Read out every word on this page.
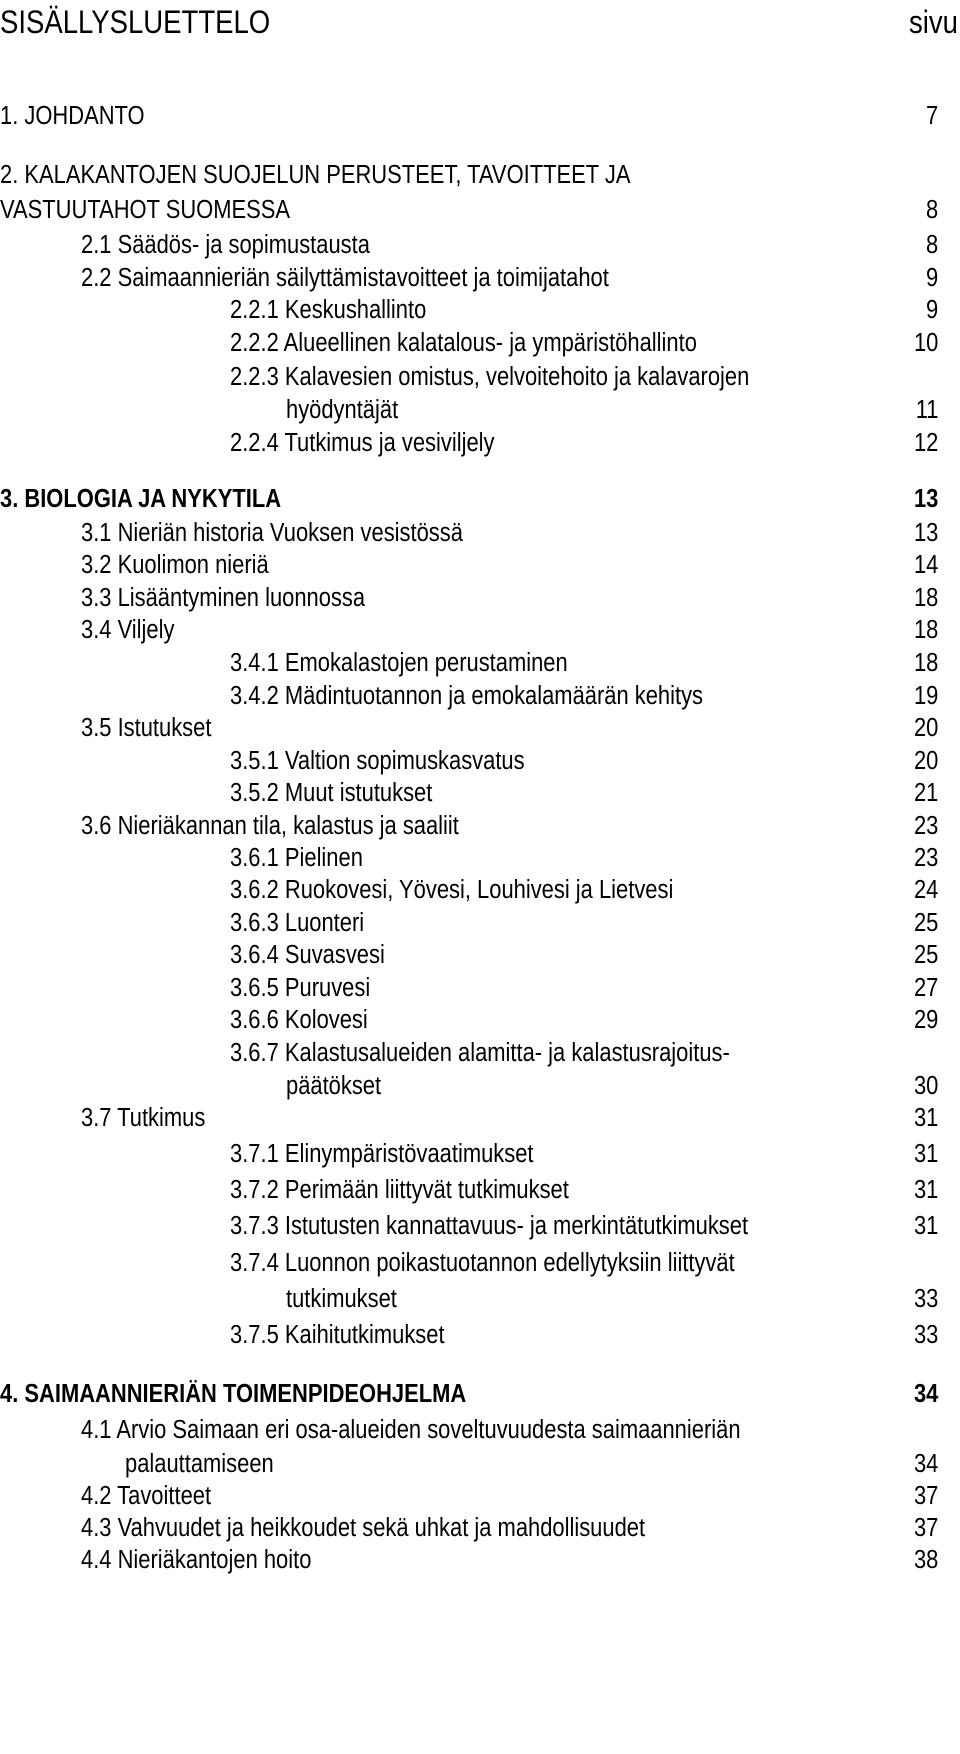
SISÄLLYSLUETTELO	sivu
1. JOHDANTO	7
2. KALAKANTOJEN SUOJELUN PERUSTEET, TAVOITTEET JA
VASTUUTAHOT SUOMESSA	8
2.1 Säädös- ja sopimustausta	8
2.2 Saimaannieriän säilyttämistavoitteet ja toimijatahot	9
2.2.1 Keskushallinto	9
2.2.2 Alueellinen kalatalous- ja ympäristöhallinto	10
2.2.3 Kalavesien omistus, velvoitehoito ja kalavarojen
hyödyntäjät	11
2.2.4 Tutkimus ja vesiviljely	12
3. BIOLOGIA JA NYKYTILA	13
3.1 Nieriän historia Vuoksen vesistössä	13
3.2 Kuolimon nieriä	14
3.3 Lisääntyminen luonnossa	18
3.4 Viljely	18
3.4.1 Emokalastojen perustaminen	18
3.4.2 Mädintuotannon ja emokalamäärän kehitys	19
3.5 Istutukset	20
3.5.1 Valtion sopimuskasvatus	20
3.5.2 Muut istutukset	21
3.6 Nieriäkannan tila, kalastus ja saaliit	23
3.6.1 Pielinen	23
3.6.2 Ruokovesi, Yövesi, Louhivesi ja Lietvesi	24
3.6.3 Luonteri	25
3.6.4 Suvasvesi	25
3.6.5 Puruvesi	27
3.6.6 Kolovesi	29
3.6.7 Kalastusalueiden alamitta- ja kalastusrajoitus-
päätökset	30
3.7 Tutkimus	31
3.7.1 Elinympäristövaatimukset	31
3.7.2 Perimään liittyvät tutkimukset	31
3.7.3 Istutusten kannattavuus- ja merkintätutkimukset	31
3.7.4 Luonnon poikastuotannon edellytyksiin liittyvät
tutkimukset	33
3.7.5 Kaihitutkimukset	33
4. SAIMAANNIERIÄN TOIMENPIDEOHJELMA	34
4.1 Arvio Saimaan eri osa-alueiden soveltuvuudesta saimaannieriän
palauttamiseen	34
4.2 Tavoitteet	37
4.3 Vahvuudet ja heikkoudet sekä uhkat ja mahdollisuudet	37
4.4 Nieriäkantojen hoito	38
